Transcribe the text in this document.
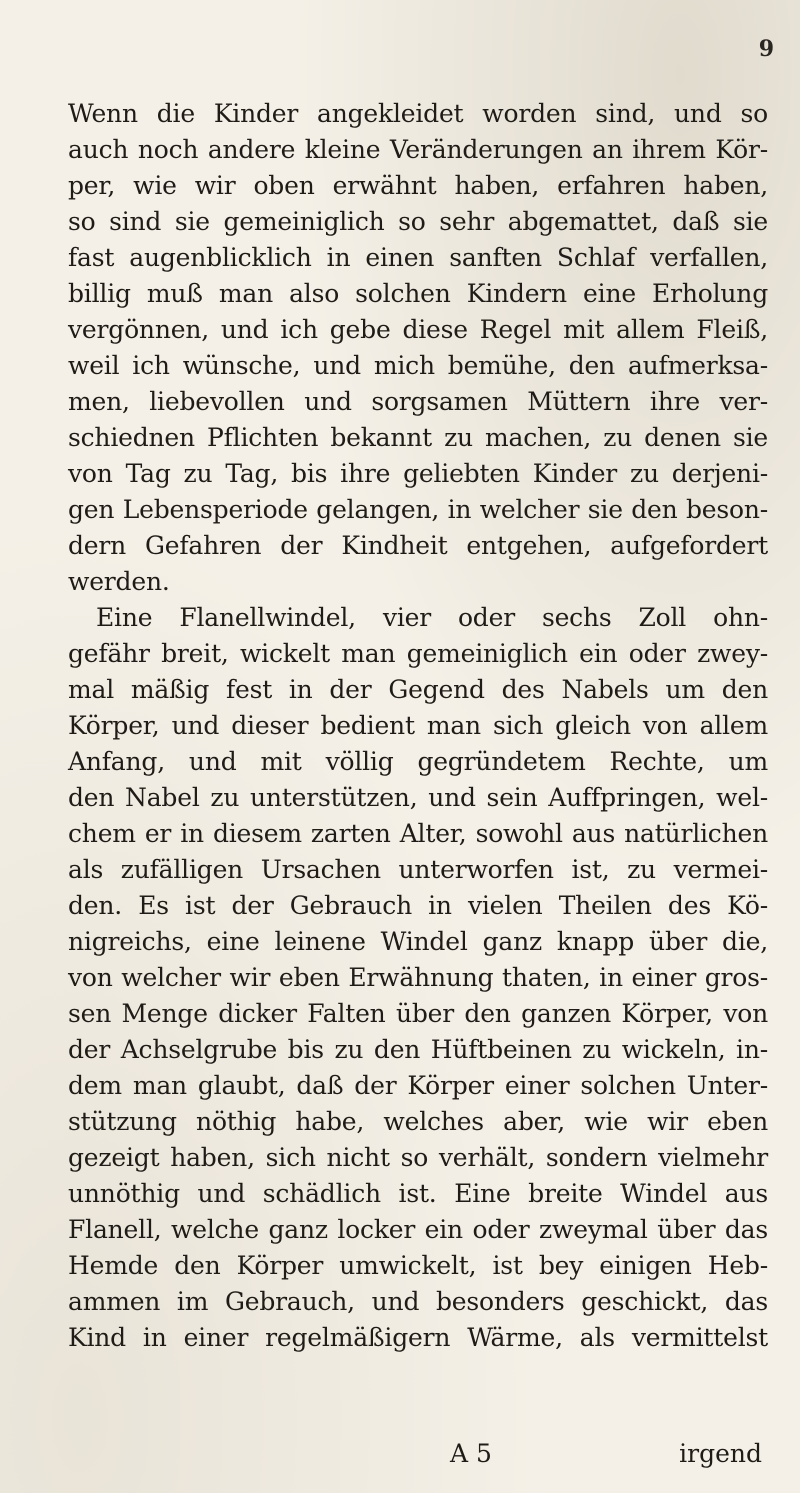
9
Wenn die Kinder angekleidet worden sind, und so
auch noch andere kleine Veränderungen an ihrem Kör-
per, wie wir oben erwähnt haben, erfahren haben,
so sind sie gemeiniglich so sehr abgemattet, daß sie
fast augenblicklich in einen sanften Schlaf verfallen,
billig muß man also solchen Kindern eine Erholung
vergönnen, und ich gebe diese Regel mit allem Fleiß,
weil ich wünsche, und mich bemühe, den aufmerksa-
men, liebevollen und sorgsamen Müttern ihre ver-
schiednen Pflichten bekannt zu machen, zu denen sie
von Tag zu Tag, bis ihre geliebten Kinder zu derjeni-
gen Lebensperiode gelangen, in welcher sie den beson-
dern Gefahren der Kindheit entgehen, aufgefordert
werden.
Eine Flanellwindel, vier oder sechs Zoll ohn-
gefähr breit, wickelt man gemeiniglich ein oder zwey-
mal mäßig fest in der Gegend des Nabels um den
Körper, und dieser bedient man sich gleich von allem
Anfang, und mit völlig gegründetem Rechte, um
den Nabel zu unterstützen, und sein Auffpringen, wel-
chem er in diesem zarten Alter, sowohl aus natürlichen
als zufälligen Ursachen unterworfen ist, zu vermei-
den. Es ist der Gebrauch in vielen Theilen des Kö-
nigreichs, eine leinene Windel ganz knapp über die,
von welcher wir eben Erwähnung thaten, in einer gros-
sen Menge dicker Falten über den ganzen Körper, von
der Achselgrube bis zu den Hüftbeinen zu wickeln, in-
dem man glaubt, daß der Körper einer solchen Unter-
stützung nöthig habe, welches aber, wie wir eben
gezeigt haben, sich nicht so verhält, sondern vielmehr
unnöthig und schädlich ist. Eine breite Windel aus
Flanell, welche ganz locker ein oder zweymal über das
Hemde den Körper umwickelt, ist bey einigen Heb-
ammen im Gebrauch, und besonders geschickt, das
Kind in einer regelmäßigern Wärme, als vermittelst
A 5	irgend
